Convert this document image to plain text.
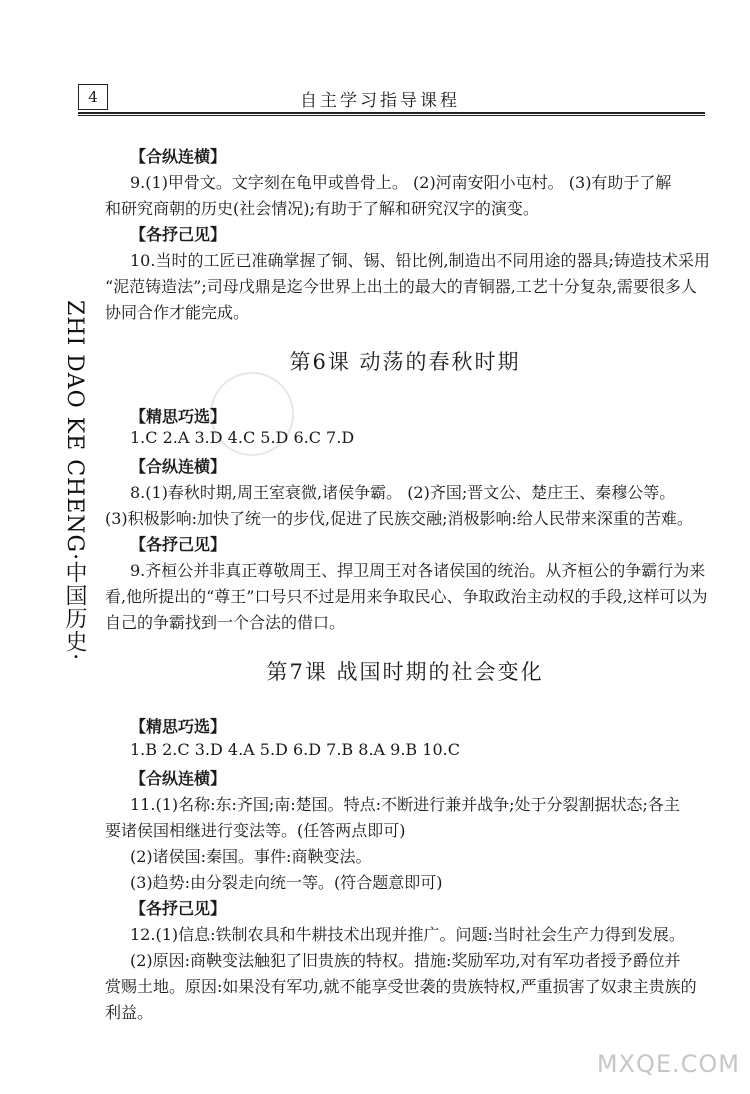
4	自主学习指导课程
ZHI DAO KE CHENG·中国历史·
【合纵连横】
9.(1)甲骨文。文字刻在龟甲或兽骨上。 (2)河南安阳小屯村。 (3)有助于了解
和研究商朝的历史(社会情况);有助于了解和研究汉字的演变。
【各抒己见】
10.当时的工匠已准确掌握了铜、锡、铅比例,制造出不同用途的器具;铸造技术采用
“泥范铸造法”;司母戊鼎是迄今世界上出土的最大的青铜器,工艺十分复杂,需要很多人
协同合作才能完成。
第6课 动荡的春秋时期
【精思巧选】
1.C 2.A 3.D 4.C 5.D 6.C 7.D
【合纵连横】
8.(1)春秋时期,周王室衰微,诸侯争霸。 (2)齐国;晋文公、楚庄王、秦穆公等。
(3)积极影响:加快了统一的步伐,促进了民族交融;消极影响:给人民带来深重的苦难。
【各抒己见】
9.齐桓公并非真正尊敬周王、捍卫周王对各诸侯国的统治。从齐桓公的争霸行为来
看,他所提出的“尊王”口号只不过是用来争取民心、争取政治主动权的手段,这样可以为
自己的争霸找到一个合法的借口。
第7课 战国时期的社会变化
【精思巧选】
1.B 2.C 3.D 4.A 5.D 6.D 7.B 8.A 9.B 10.C
【合纵连横】
11.(1)名称:东:齐国;南:楚国。特点:不断进行兼并战争;处于分裂割据状态;各主
要诸侯国相继进行变法等。(任答两点即可)
(2)诸侯国:秦国。事件:商鞅变法。
(3)趋势:由分裂走向统一等。(符合题意即可)
【各抒己见】
12.(1)信息:铁制农具和牛耕技术出现并推广。问题:当时社会生产力得到发展。
(2)原因:商鞅变法触犯了旧贵族的特权。措施:奖励军功,对有军功者授予爵位并
赏赐土地。原因:如果没有军功,就不能享受世袭的贵族特权,严重损害了奴隶主贵族的
利益。
MXQE.COM
